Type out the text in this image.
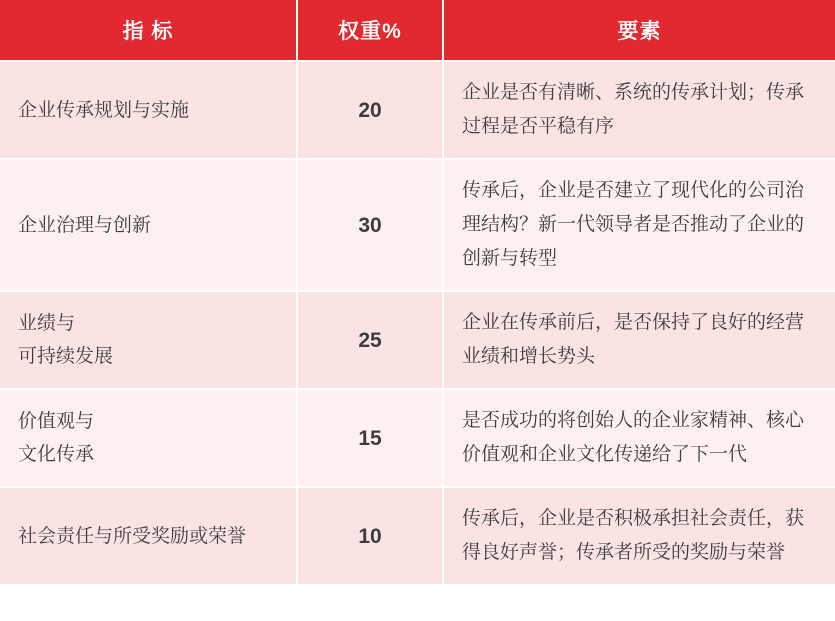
指 标	权重%	要素
企业传承规划与实施	20	企业是否有清晰、系统的传承计划；传承过程是否平稳有序
企业治理与创新	30	传承后，企业是否建立了现代化的公司治理结构？新一代领导者是否推动了企业的创新与转型

业绩与
可持续发展	25	企业在传承前后，是否保持了良好的经营业绩和增长势头

价值观与
文化传承	15	是否成功的将创始人的企业家精神、核心价值观和企业文化传递给了下一代
社会责任与所受奖励或荣誉	10	传承后，企业是否积极承担社会责任，获得良好声誉；传承者所受的奖励与荣誉
